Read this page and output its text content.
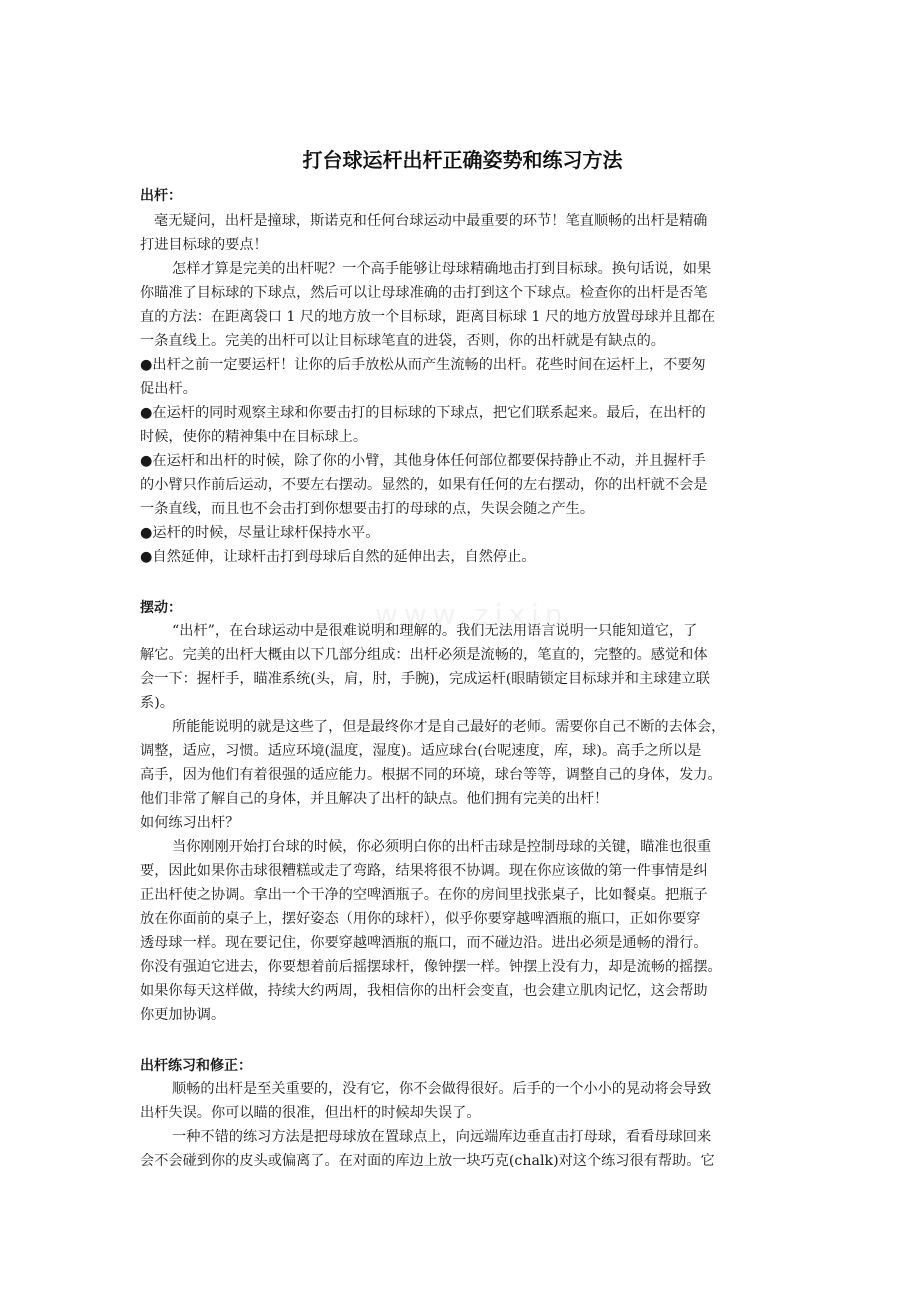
打台球运杆出杆正确姿势和练习方法
出杆：

毫无疑问，出杆是撞球，斯诺克和任何台球运动中最重要的环节！笔直顺畅的出杆是精确

打进目标球的要点！

怎样才算是完美的出杆呢？一个高手能够让母球精确地击打到目标球。换句话说，如果

你瞄准了目标球的下球点，然后可以让母球准确的击打到这个下球点。检查你的出杆是否笔

直的方法：在距离袋口 1 尺的地方放一个目标球，距离目标球 1 尺的地方放置母球并且都在

一条直线上。完美的出杆可以让目标球笔直的进袋，否则，你的出杆就是有缺点的。

●出杆之前一定要运杆！让你的后手放松从而产生流畅的出杆。花些时间在运杆上，不要匆

促出杆。

●在运杆的同时观察主球和你要击打的目标球的下球点，把它们联系起来。最后，在出杆的

时候，使你的精神集中在目标球上。

●在运杆和出杆的时候，除了你的小臂，其他身体任何部位都要保持静止不动，并且握杆手

的小臂只作前后运动，不要左右摆动。显然的，如果有任何的左右摆动，你的出杆就不会是

一条直线，而且也不会击打到你想要击打的母球的点，失误会随之产生。

●运杆的时候，尽量让球杆保持水平。

●自然延伸，让球杆击打到母球后自然的延伸出去，自然停止。

摆动：

“出杆”，在台球运动中是很难说明和理解的。我们无法用语言说明一只能知道它，了

解它。完美的出杆大概由以下几部分组成：出杆必须是流畅的，笔直的，完整的。感觉和体

会一下：握杆手，瞄准系统(头，肩，肘，手腕)，完成运杆(眼睛锁定目标球并和主球建立联

系)。

所能能说明的就是这些了，但是最终你才是自己最好的老师。需要你自己不断的去体会，

调整，适应，习惯。适应环境(温度，湿度)。适应球台(台呢速度，库，球)。高手之所以是

高手，因为他们有着很强的适应能力。根据不同的环境，球台等等，调整自己的身体，发力。

他们非常了解自己的身体，并且解决了出杆的缺点。他们拥有完美的出杆！

如何练习出杆？

当你刚刚开始打台球的时候，你必须明白你的出杆击球是控制母球的关键，瞄准也很重

要，因此如果你击球很糟糕或走了弯路，结果将很不协调。现在你应该做的第一件事情是纠

正出杆使之协调。拿出一个干净的空啤酒瓶子。在你的房间里找张桌子，比如餐桌。把瓶子

放在你面前的桌子上，摆好姿态（用你的球杆），似乎你要穿越啤酒瓶的瓶口，正如你要穿

透母球一样。现在要记住，你要穿越啤酒瓶的瓶口，而不碰边沿。进出必须是通畅的滑行。

你没有强迫它进去，你要想着前后摇摆球杆，像钟摆一样。钟摆上没有力，却是流畅的摇摆。

如果你每天这样做，持续大约两周，我相信你的出杆会变直，也会建立肌肉记忆，这会帮助

你更加协调。

出杆练习和修正：

顺畅的出杆是至关重要的，没有它，你不会做得很好。后手的一个小小的晃动将会导致

出杆失误。你可以瞄的很准，但出杆的时候却失误了。

一种不错的练习方法是把母球放在置球点上，向远端库边垂直击打母球，看看母球回来

会不会碰到你的皮头或偏离了。在对面的库边上放一块巧克(chalk)对这个练习很有帮助。它

www.zixin
